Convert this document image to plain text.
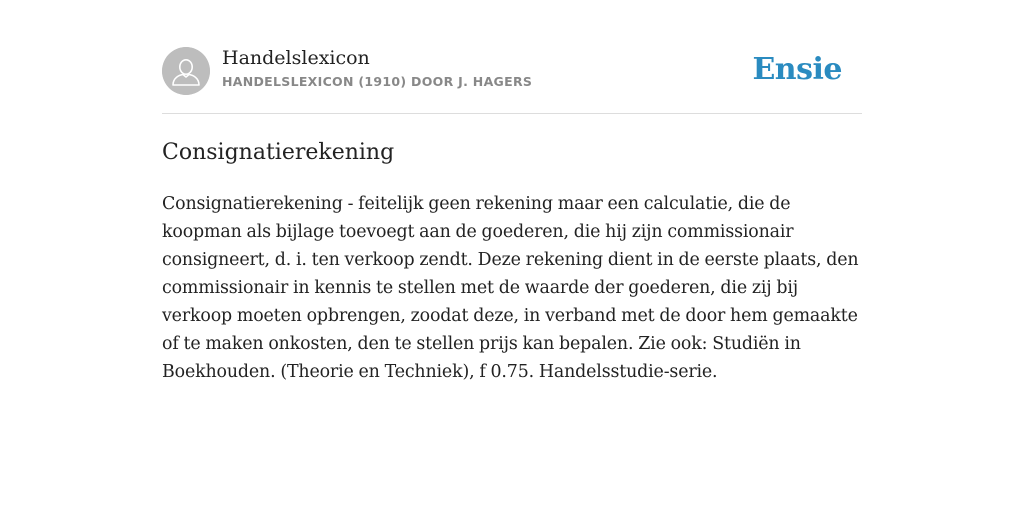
Handelslexicon
HANDELSLEXICON (1910) DOOR J. HAGERS	Ensie
Consignatierekening

Consignatierekening - feitelijk geen rekening maar een calculatie, die de koopman als bijlage toevoegt aan de goederen, die hij zijn commissionair consigneert, d. i. ten verkoop zendt. Deze rekening dient in de eerste plaats, den commissionair in kennis te stellen met de waarde der goederen, die zij bij verkoop moeten opbrengen, zoodat deze, in verband met de door hem gemaakte of te maken onkosten, den te stellen prijs kan bepalen. Zie ook: Studiën in Boekhouden. (Theorie en Techniek), f 0.75. Handelsstudie-serie.
